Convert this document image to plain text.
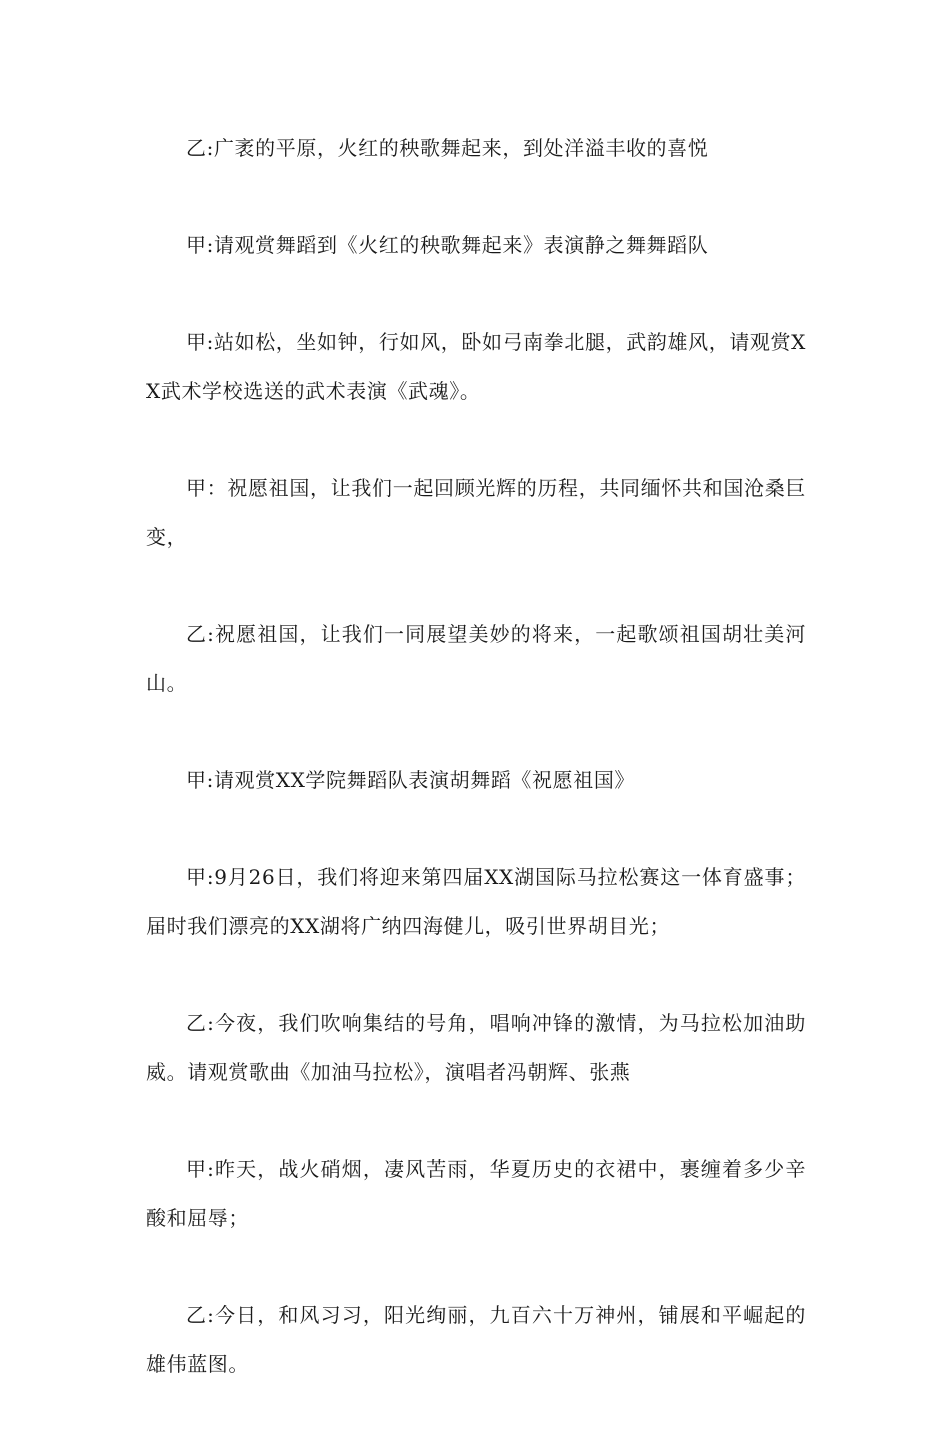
乙:广袤的平原，火红的秧歌舞起来，到处洋溢丰收的喜悦

甲:请观赏舞蹈到《火红的秧歌舞起来》表演静之舞舞蹈队

甲:站如松，坐如钟，行如风，卧如弓南拳北腿，武韵雄风，请观赏XX武术学校选送的武术表演《武魂》。

甲：祝愿祖国，让我们一起回顾光辉的历程，共同缅怀共和国沧桑巨变，

乙:祝愿祖国，让我们一同展望美妙的将来，一起歌颂祖国胡壮美河山。

甲:请观赏XX学院舞蹈队表演胡舞蹈《祝愿祖国》

甲:9月26日，我们将迎来第四届XX湖国际马拉松赛这一体育盛事；届时我们漂亮的XX湖将广纳四海健儿，吸引世界胡目光；

乙:今夜，我们吹响集结的号角，唱响冲锋的激情，为马拉松加油助威。请观赏歌曲《加油马拉松》，演唱者冯朝辉、张燕

甲:昨天，战火硝烟，凄风苦雨，华夏历史的衣裙中，裹缠着多少辛酸和屈辱；

乙:今日，和风习习，阳光绚丽，九百六十万神州，铺展和平崛起的雄伟蓝图。
